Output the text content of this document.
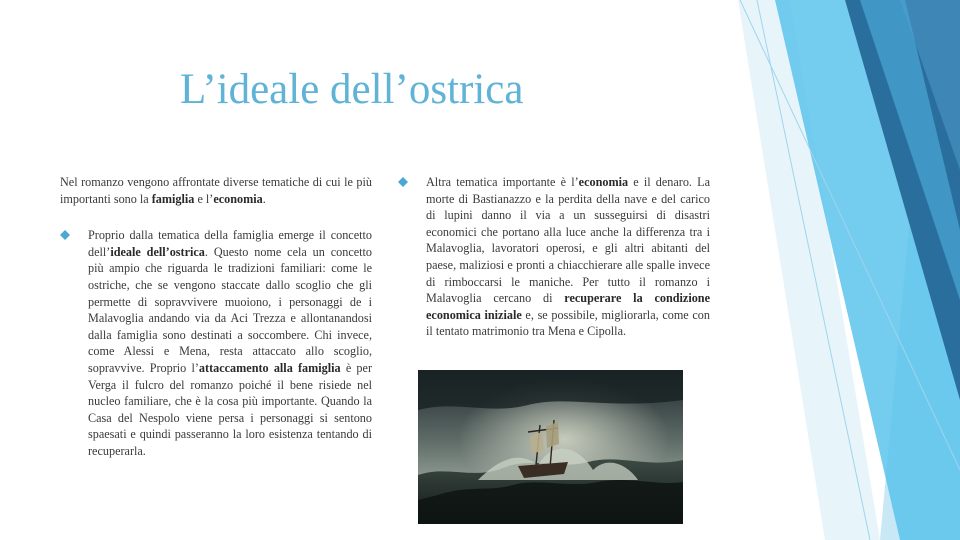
L’ideale dell’ostrica

Nel romanzo vengono affrontate diverse tematiche di cui le più importanti sono la famiglia e l’economia.

Proprio dalla tematica della famiglia emerge il concetto dell’ideale dell’ostrica. Questo nome cela un concetto più ampio che riguarda le tradizioni familiari: come le ostriche, che se vengono staccate dallo scoglio che gli permette di sopravvivere muoiono, i personaggi de i Malavoglia andando via da Aci Trezza e allontanandosi dalla famiglia sono destinati a soccombere. Chi invece, come Alessi e Mena, resta attaccato allo scoglio, sopravvive. Proprio l’attaccamento alla famiglia è per Verga il fulcro del romanzo poiché il bene risiede nel nucleo familiare, che è la cosa più importante. Quando la Casa del Nespolo viene persa i personaggi si sentono spaesati e quindi passeranno la loro esistenza tentando di recuperarla.
Altra tematica importante è l’economia e il denaro. La morte di Bastianazzo e la perdita della nave e del carico di lupini danno il via a un susseguirsi di disastri economici che portano alla luce anche la differenza tra i Malavoglia, lavoratori operosi, e gli altri abitanti del paese, maliziosi e pronti a chiacchierare alle spalle invece di rimboccarsi le maniche. Per tutto il romanzo i Malavoglia cercano di recuperare la condizione economica iniziale e, se possibile, migliorarla, come con il tentato matrimonio tra Mena e Cipolla.
